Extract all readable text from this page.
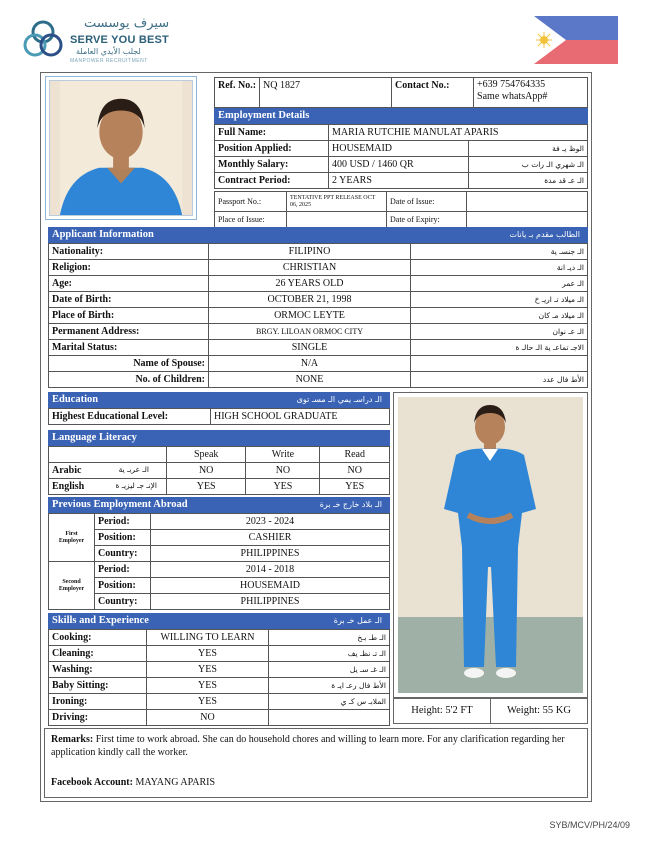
سيرف يوسست
SERVE YOU BEST
لجلب الأيدي العاملة
MANPOWER RECRUITMENT
Ref. No.:	NQ 1827	Contact No.:	+639 754764335
Same whatsApp#
Employment Details
Full Name:	MARIA RUTCHIE MANULAT APARIS	
Position Applied:	HOUSEMAID	الوظ يـ فة
Monthly Salary:	400 USD / 1460 QR	الـ شهري الـ رات ب
Contract Period:	2 YEARS	الـ عـ قد مدة
Passport No.:	TENTATIVE PPT RELEASE OCT 06, 2025	Date of Issue:	
Place of Issue:		Date of Expiry:	
Applicant Information	الطالب مقدم بـ يانات
Nationality:	FILIPINO	الـ جنسـ ية
Religion:	CHRISTIAN	الـ ديـ انة
Age:	26 YEARS OLD	الـ عمر
Date of Birth:	OCTOBER 21, 1998	الـ ميلاد تـ اريـ خ
Place of Birth:	ORMOC LEYTE	الـ ميلاد مـ كان
Permanent Address:	BRGY. LILOAN ORMOC CITY	الـ عـ نوان
Marital Status:	SINGLE	الاجـ تماعـ ية الـ حالـ ة
Name of Spouse:	N/A	
No. of Children:	NONE	الأط فال عدد
Education	الـ دراسـ يمي الـ مسـ توى
Highest Educational Level:	HIGH SCHOOL GRADUATE
Language Literacy
	Speak	Write	Read
Arabic الـ عربـ ية	NO	NO	NO
English الإنـ جـ ليزيـ ة	YES	YES	YES
Previous Employment Abroad	الـ بلاد خارج خـ برة
First Employer	Period:	2023 - 2024
	Position:	CASHIER
	Country:	PHILIPPINES
Second Employer	Period:	2014 - 2018
	Position:	HOUSEMAID
	Country:	PHILIPPINES
Skills and Experience	الـ عمل خـ برة
Cooking:	WILLING TO LEARN	الـ طـ بـخ
Cleaning:	YES	الـ تـ نظـ يف
Washing:	YES	الـ غـ سـ يل
Baby Sitting:	YES	الأط فال رعـ ايـ ة
Ironing:	YES	الملابـ س كـ ي
Driving:	NO	
Height: 5'2 FT	Weight: 55 KG
Remarks: First time to work abroad. She can do household chores and willing to learn more. For any clarification regarding her application kindly call the worker.
Facebook Account: MAYANG APARIS
SYB/MCV/PH/24/09
